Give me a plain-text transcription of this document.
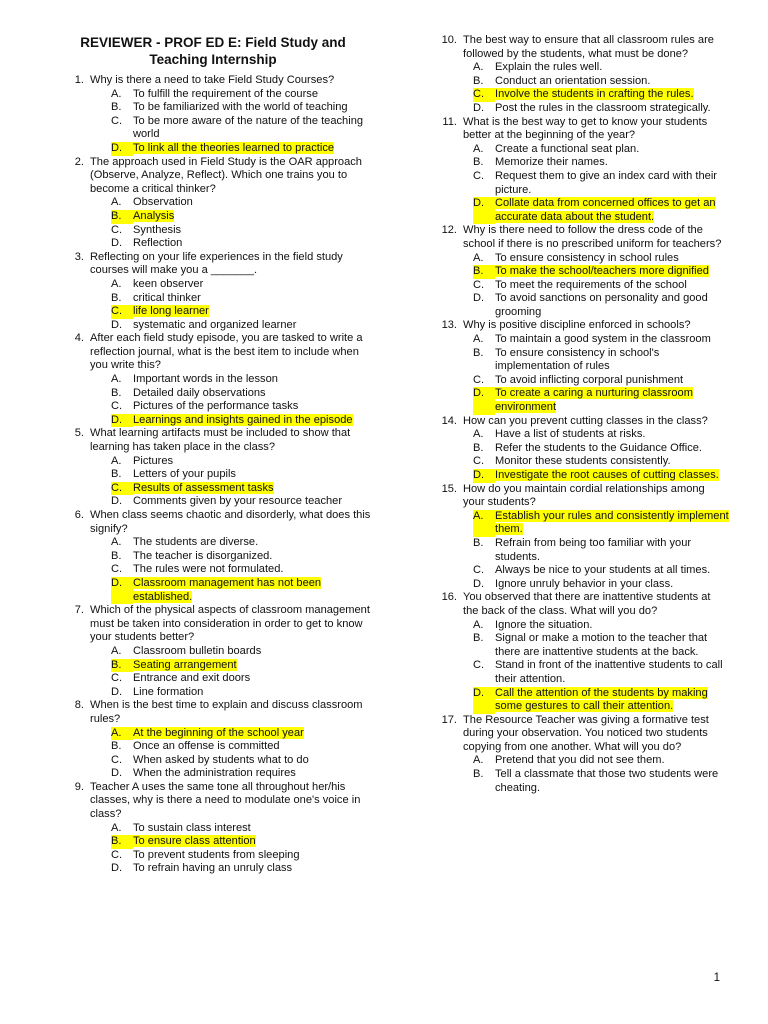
REVIEWER - PROF ED E: Field Study and Teaching Internship
1. Why is there a need to take Field Study Courses?
A.	To fulfill the requirement of the course
B.	To be familiarized with the world of teaching
C. To be more aware of the nature of the teaching world
D. To link all the theories learned to practice
2. The approach used in Field Study is the OAR approach (Observe, Analyze, Reflect). Which one trains you to become a critical thinker?
A.	Observation
B.	Analysis
C. Synthesis
D. Reflection
3. Reflecting on your life experiences in the field study courses will make you a _______.
A.	keen observer
B.	critical thinker
C. life long learner
D. systematic and organized learner
4. After each field study episode, you are tasked to write a reflection journal, what is the best item to include when you write this?
A.	Important words in the lesson
B.	Detailed daily observations
C. Pictures of the performance tasks
D. Learnings and insights gained in the episode
5. What learning artifacts must be included to show that learning has taken place in the class?
A.	Pictures
B.	Letters of your pupils
C. Results of assessment tasks
D. Comments given by your resource teacher
6. When class seems chaotic and disorderly, what does this signify?
A.	The students are diverse.
B.	The teacher is disorganized.
C. The rules were not formulated.
D. Classroom management has not been established.
7. Which of the physical aspects of classroom management must be taken into consideration in order to get to know your students better?
A.	Classroom bulletin boards
B.	Seating arrangement
C. Entrance and exit doors
D. Line formation
8. When is the best time to explain and discuss classroom rules?
A.	At the beginning of the school year
B.	Once an offense is committed
C. When asked by students what to do
D. When the administration requires
9. Teacher A uses the same tone all throughout her/his classes, why is there a need to modulate one's voice in class?
A.	To sustain class interest
B.	To ensure class attention
C. To prevent students from sleeping
D. To refrain having an unruly class
10. The best way to ensure that all classroom rules are followed by the students, what must be done?
A.	Explain the rules well.
B.	Conduct an orientation session.
C. Involve the students in crafting the rules.
D. Post the rules in the classroom strategically.
11. What is the best way to get to know your students better at the beginning of the year?
A.	Create a functional seat plan.
B.	Memorize their names.
C. Request them to give an index card with their picture.
D. Collate data from concerned offices to get an accurate data about the student.
12. Why is there need to follow the dress code of the school if there is no prescribed uniform for teachers?
A.	To ensure consistency in school rules
B.	To make the school/teachers more dignified
C. To meet the requirements of the school
D. To avoid sanctions on personality and good grooming
13. Why is positive discipline enforced in schools?
A.	To maintain a good system in the classroom
B.	To ensure consistency in school's implementation of rules
C. To avoid inflicting corporal punishment
D. To create a caring a nurturing classroom environment
14. How can you prevent cutting classes in the class?
A.	Have a list of students at risks.
B.	Refer the students to the Guidance Office.
C. Monitor these students consistently.
D. Investigate the root causes of cutting classes.
15. How do you maintain cordial relationships among your students?
A.	Establish your rules and consistently implement them.
B.	Refrain from being too familiar with your students.
C. Always be nice to your students at all times.
D. Ignore unruly behavior in your class.
16. You observed that there are inattentive students at the back of the class. What will you do?
A.	Ignore the situation.
B.	Signal or make a motion to the teacher that there are inattentive students at the back.
C. Stand in front of the inattentive students to call their attention.
D. Call the attention of the students by making some gestures to call their attention.
17. The Resource Teacher was giving a formative test during your observation. You noticed two students copying from one another. What will you do?
A.	Pretend that you did not see them.
B.	Tell a classmate that those two students were cheating.
1
